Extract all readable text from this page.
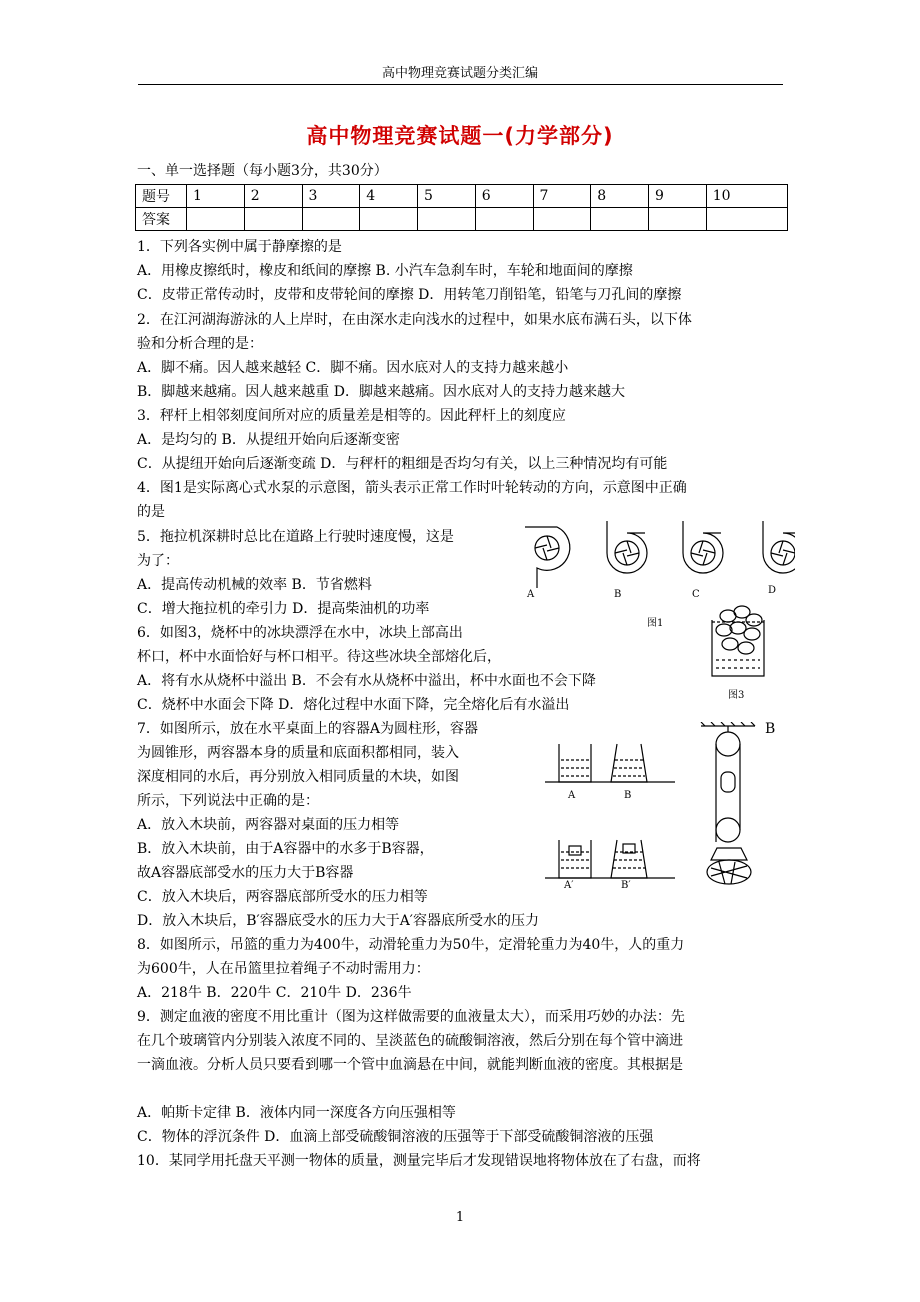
高中物理竞赛试题分类汇编
高中物理竞赛试题一(力学部分)
一、单一选择题（每小题3分，共30分）
题号	1	2	3	4	5	6	7	8	9	10
答案										
1．下列各实例中属于静摩擦的是
A．用橡皮擦纸时，橡皮和纸间的摩擦 B. 小汽车急刹车时，车轮和地面间的摩擦
C．皮带正常传动时，皮带和皮带轮间的摩擦 D．用转笔刀削铅笔，铅笔与刀孔间的摩擦
2．在江河湖海游泳的人上岸时，在由深水走向浅水的过程中，如果水底布满石头，以下体
验和分析合理的是：
A．脚不痛。因人越来越轻 C．脚不痛。因水底对人的支持力越来越小
B．脚越来越痛。因人越来越重 D．脚越来越痛。因水底对人的支持力越来越大
3．秤杆上相邻刻度间所对应的质量差是相等的。因此秤杆上的刻度应
A．是均匀的 B．从提纽开始向后逐渐变密
C．从提纽开始向后逐渐变疏 D．与秤杆的粗细是否均匀有关，以上三种情况均有可能
4．图1是实际离心式水泵的示意图，箭头表示正常工作时叶轮转动的方向，示意图中正确
的是
5．拖拉机深耕时总比在道路上行驶时速度慢，这是
为了：
A．提高传动机械的效率 B．节省燃料
C．增大拖拉机的牵引力 D．提高柴油机的功率
6．如图3，烧杯中的冰块漂浮在水中，冰块上部高出
杯口，杯中水面恰好与杯口相平。待这些冰块全部熔化后，
A．将有水从烧杯中溢出 B．不会有水从烧杯中溢出，杯中水面也不会下降
C．烧杯中水面会下降 D．熔化过程中水面下降，完全熔化后有水溢出
7．如图所示，放在水平桌面上的容器A为圆柱形，容器
为圆锥形，两容器本身的质量和底面积都相同，装入
深度相同的水后，再分别放入相同质量的木块，如图
所示，下列说法中正确的是：
A．放入木块前，两容器对桌面的压力相等
B．放入木块前，由于A容器中的水多于B容器，
故A容器底部受水的压力大于B容器
C．放入木块后，两容器底部所受水的压力相等
D．放入木块后，B′容器底受水的压力大于A′容器底所受水的压力
8．如图所示，吊篮的重力为400牛，动滑轮重力为50牛，定滑轮重力为40牛，人的重力
为600牛，人在吊篮里拉着绳子不动时需用力：
A．218牛 B．220牛 C．210牛 D．236牛
9．测定血液的密度不用比重计（图为这样做需要的血液量太大），而采用巧妙的办法：先
在几个玻璃管内分别装入浓度不同的、呈淡蓝色的硫酸铜溶液，然后分别在每个管中滴进
一滴血液。分析人员只要看到哪一个管中血滴悬在中间，就能判断血液的密度。其根据是
A．帕斯卡定律 B．液体内同一深度各方向压强相等
C．物体的浮沉条件 D．血滴上部受硫酸铜溶液的压强等于下部受硫酸铜溶液的压强
10．某同学用托盘天平测一物体的质量，测量完毕后才发现错误地将物体放在了右盘，而将
A	B	C	D
图1
图3
A	B
A′	B′
B
1
